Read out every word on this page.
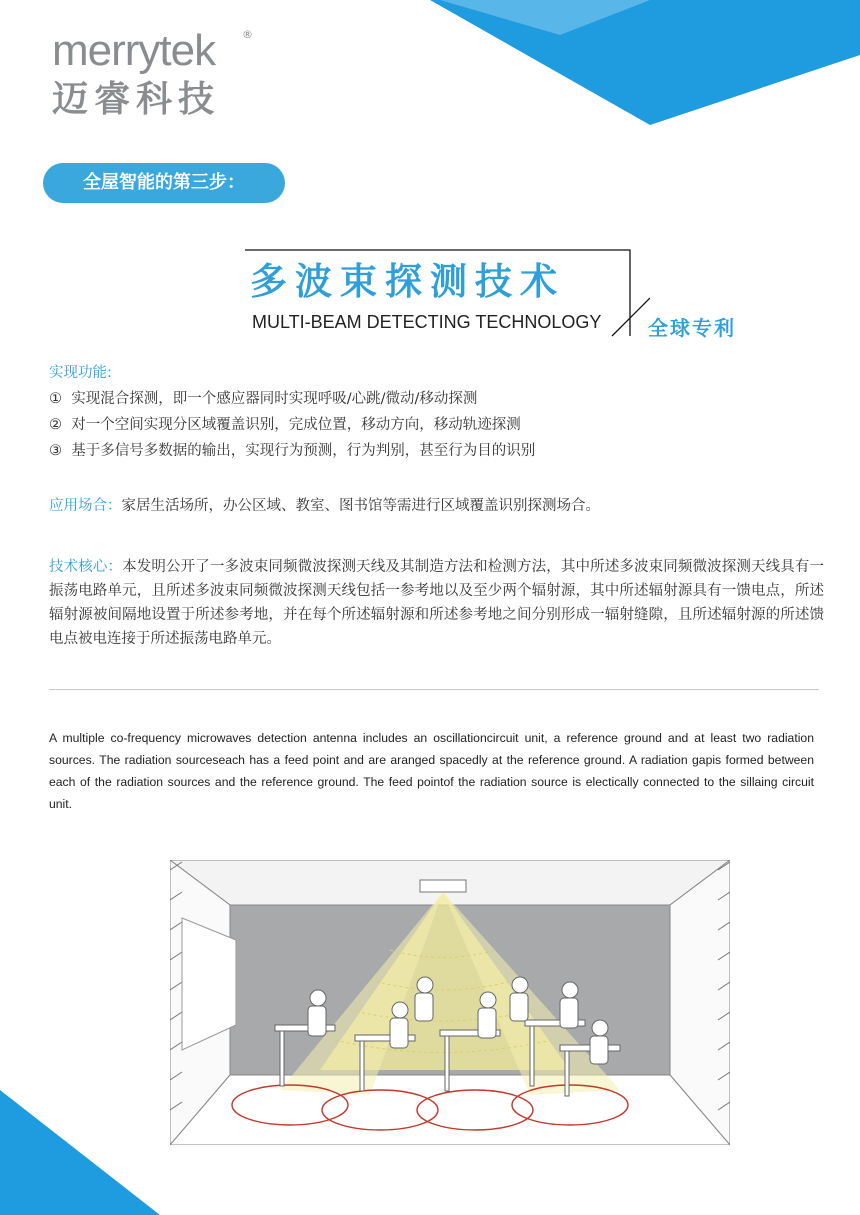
merrytek ®
迈睿科技
全屋智能的第三步：
多波束探测技术
MULTI-BEAM DETECTING TECHNOLOGY	全球专利
实现功能:
① 实现混合探测，即一个感应器同时实现呼吸/心跳/微动/移动探测
② 对一个空间实现分区域覆盖识别，完成位置，移动方向，移动轨迹探测
③ 基于多信号多数据的输出，实现行为预测，行为判别，甚至行为目的识别
应用场合：家居生活场所，办公区域、教室、图书馆等需进行区域覆盖识别探测场合。
技术核心：本发明公开了一多波束同频微波探测天线及其制造方法和检测方法，其中所述多波束同频微波探测天线具有一振荡电路单元，且所述多波束同频微波探测天线包括一参考地以及至少两个辐射源，其中所述辐射源具有一馈电点，所述辐射源被间隔地设置于所述参考地，并在每个所述辐射源和所述参考地之间分别形成一辐射缝隙，且所述辐射源的所述馈电点被电连接于所述振荡电路单元。
A multiple co-frequency microwaves detection antenna includes an oscillationcircuit unit, a reference ground and at least two radiation sources. The radiation sourceseach has a feed point and are aranged spacedly at the reference ground. A radiation gapis formed between each of the radiation sources and the reference ground. The feed pointof the radiation source is electically connected to the sillaing circuit unit.
